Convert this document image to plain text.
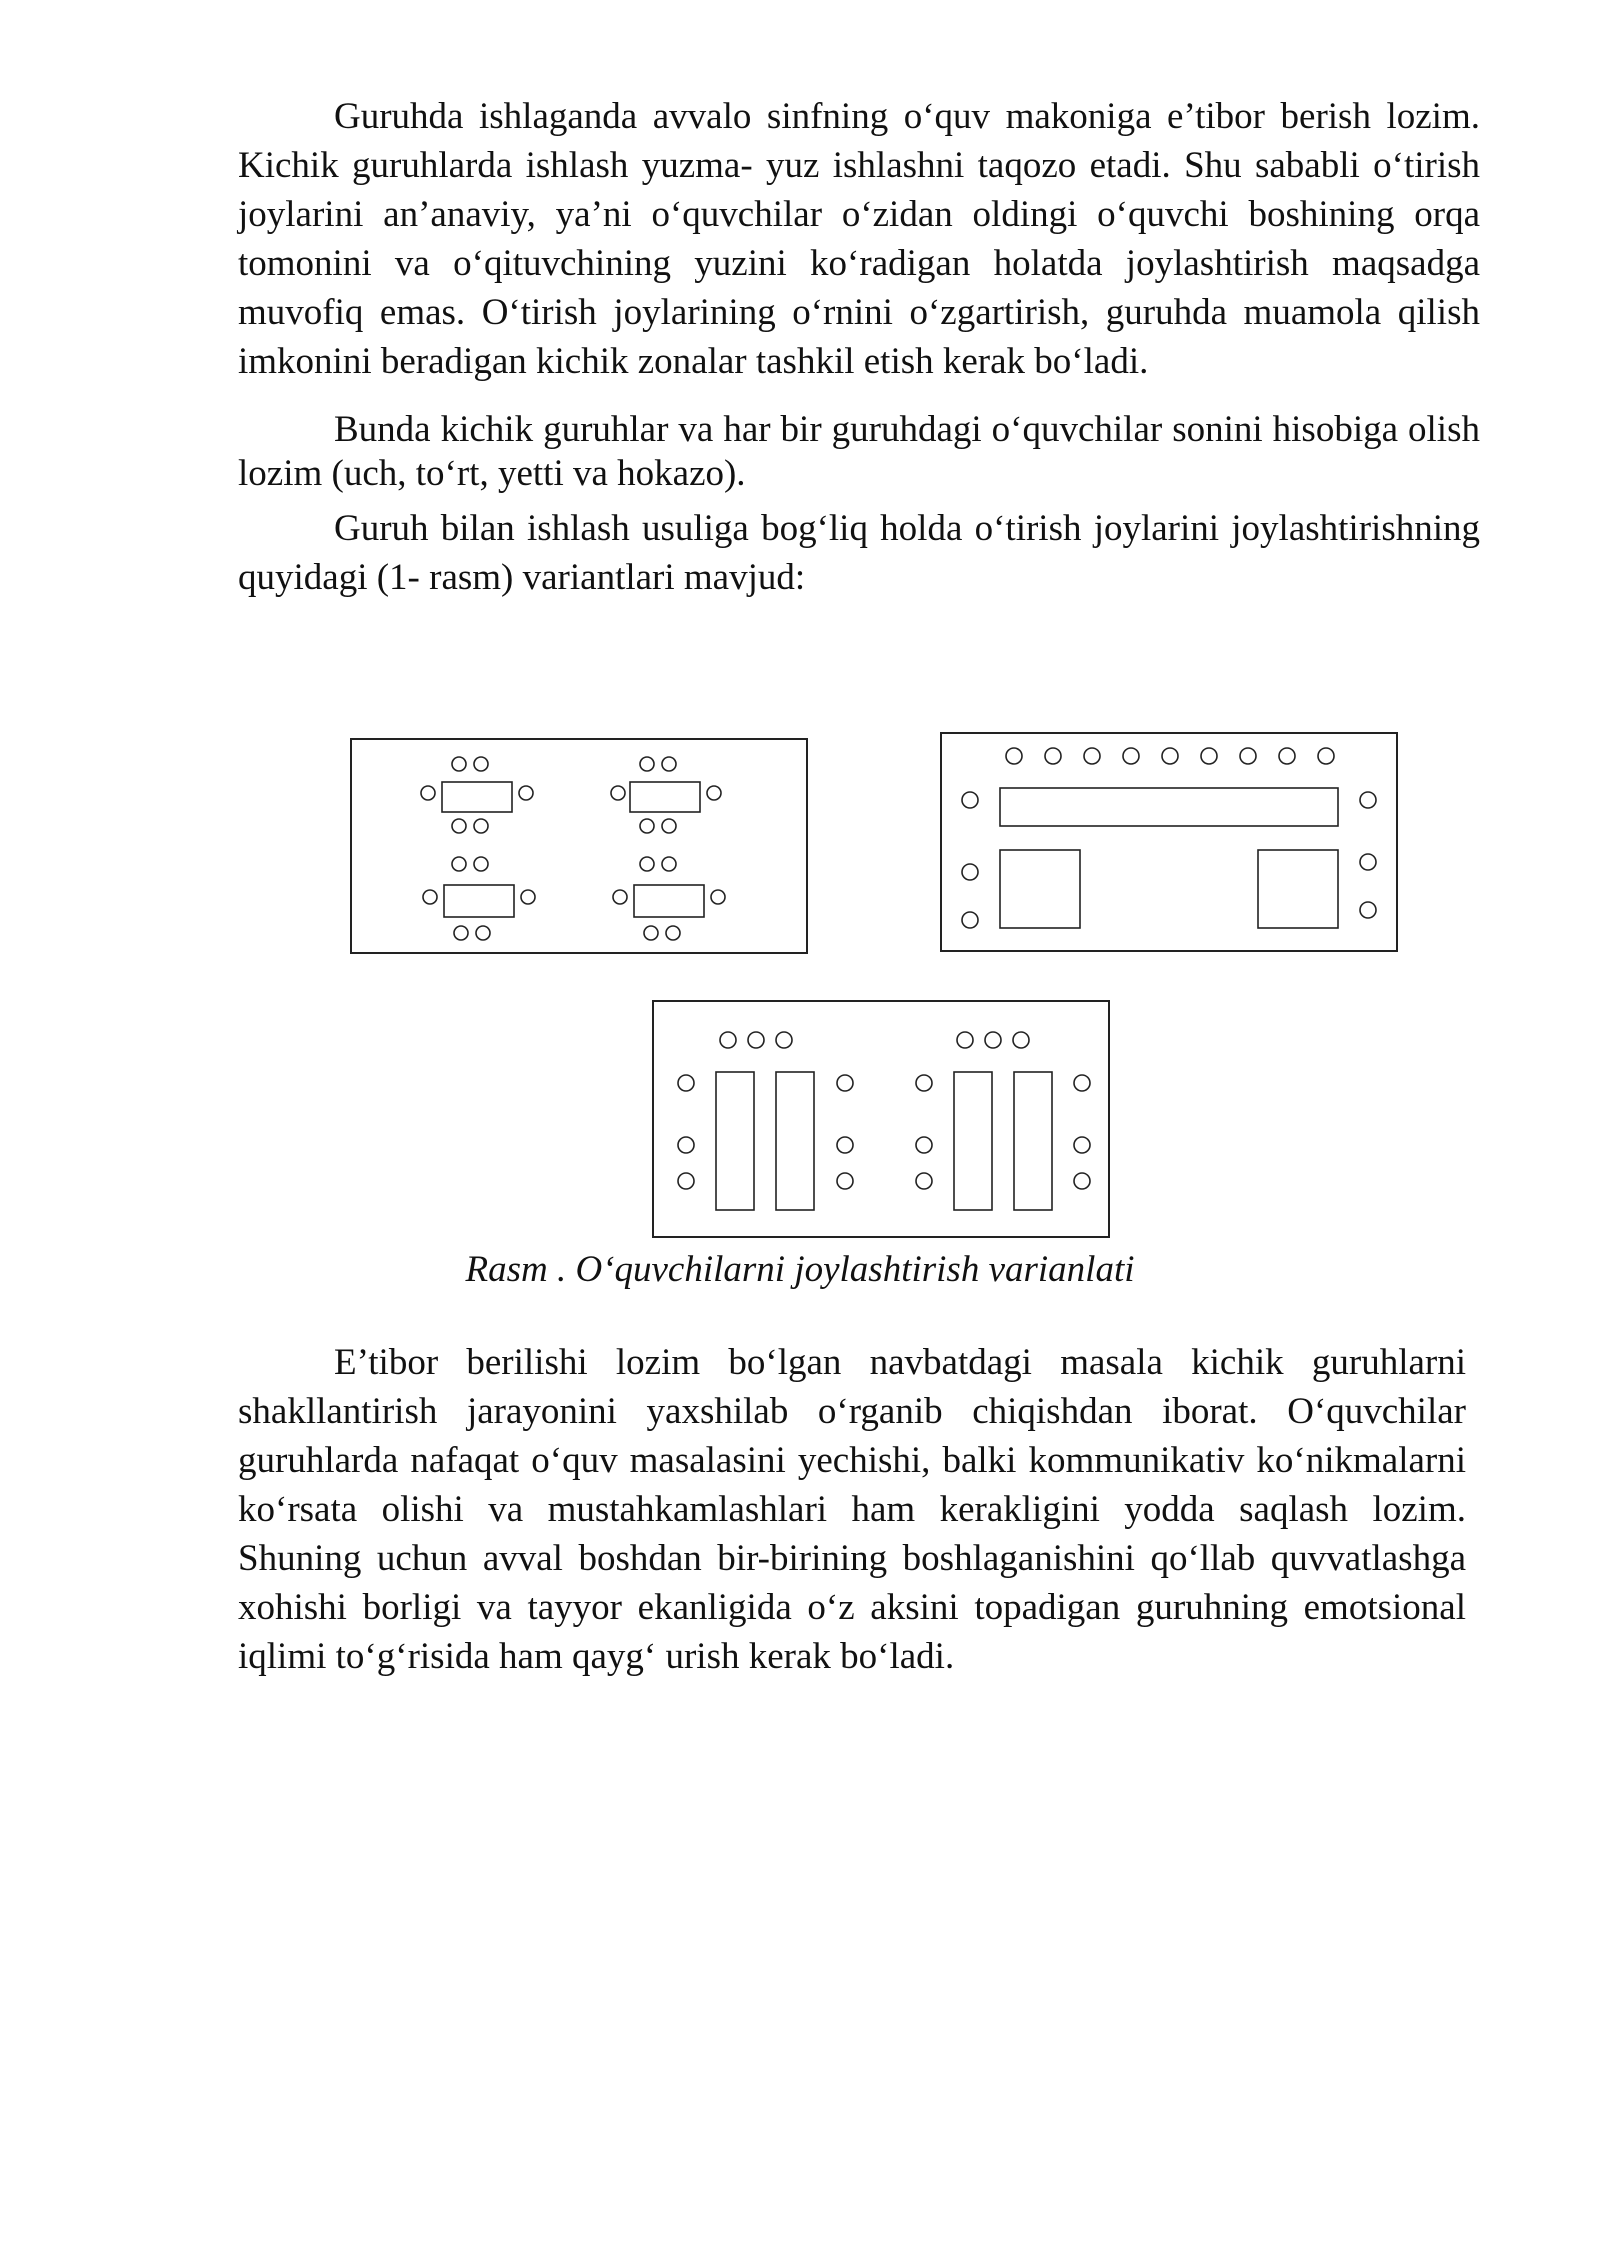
Guruhda ishlaganda avvalo sinfning o‘quv makoniga e’tibor berish lozim. Kichik guruhlarda ishlash yuzma- yuz ishlashni taqozo etadi. Shu sababli o‘tirish joylarini an’anaviy, ya’ni o‘quvchilar o‘zidan oldingi o‘quvchi boshining orqa tomonini va o‘qituvchining yuzini ko‘radigan holatda joylashtirish maqsadga muvofiq emas. O‘tirish joylarining o‘rnini o‘zgartirish, guruhda muamola qilish imkonini beradigan kichik zonalar tashkil etish kerak bo‘ladi.

Bunda kichik guruhlar va har bir guruhdagi o‘quvchilar sonini hisobiga olish lozim (uch, to‘rt, yetti va hokazo).

Guruh bilan ishlash usuliga bog‘liq holda o‘tirish joylarini joylashtirishning quyidagi (1- rasm) variantlari mavjud:

Rasm . O‘quvchilarni joylashtirish varianlati

E’tibor berilishi lozim bo‘lgan navbatdagi masala kichik guruhlarni shakllantirish jarayonini yaxshilab o‘rganib chiqishdan iborat. O‘quvchilar guruhlarda nafaqat o‘quv masalasini yechishi, balki kommunikativ ko‘nikmalarni ko‘rsata olishi va mustahkamlashlari ham kerakligini yodda saqlash lozim. Shuning uchun avval boshdan bir-birining boshlaganishini qo‘llab quvvatlashga xohishi borligi va tayyor ekanligida o‘z aksini topadigan guruhning emotsional iqlimi to‘g‘risida ham qayg‘ urish kerak bo‘ladi.
